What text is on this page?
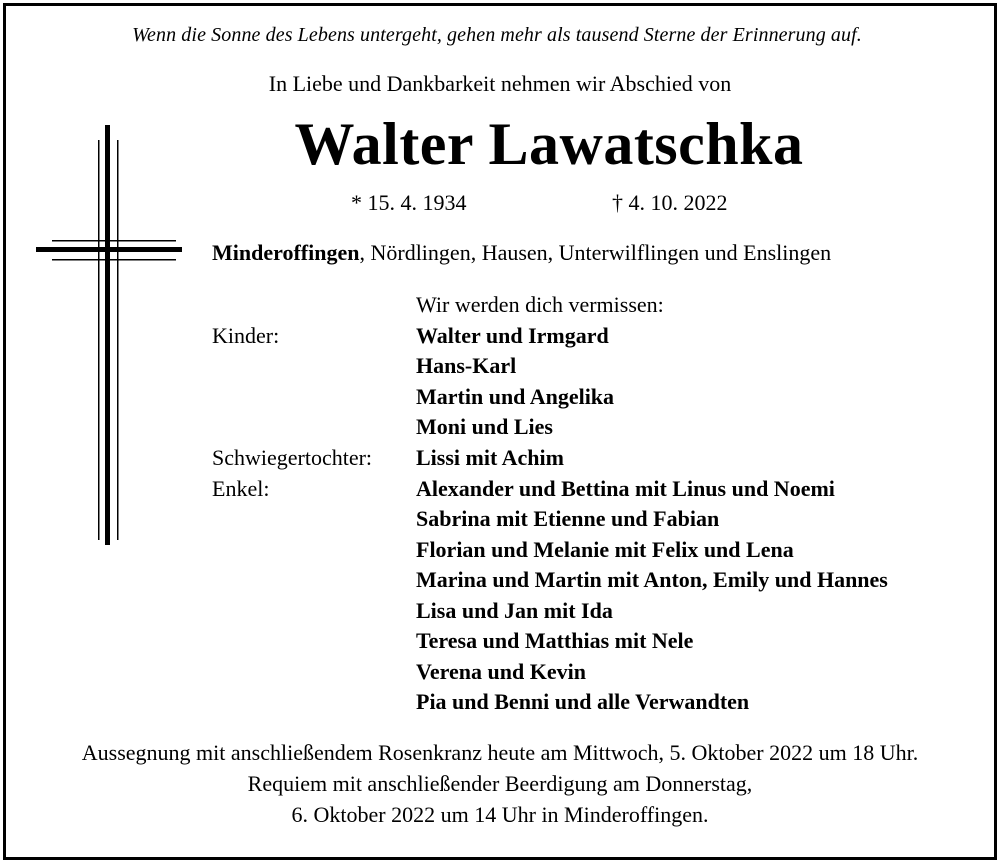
Wenn die Sonne des Lebens untergeht, gehen mehr als tausend Sterne der Erinnerung auf.
In Liebe und Dankbarkeit nehmen wir Abschied von
Walter Lawatschka
* 15. 4. 1934	† 4. 10. 2022
Minderoffingen, Nördlingen, Hausen, Unterwilflingen und Enslingen
Wir werden dich vermissen:
Kinder:	Walter und Irmgard
Hans-Karl
Martin und Angelika
Moni und Lies
Schwiegertochter: Lissi mit Achim
Enkel:	Alexander und Bettina mit Linus und Noemi
Sabrina mit Etienne und Fabian
Florian und Melanie mit Felix und Lena
Marina und Martin mit Anton, Emily und Hannes
Lisa und Jan mit Ida
Teresa und Matthias mit Nele
Verena und Kevin
Pia und Benni und alle Verwandten
Aussegnung mit anschließendem Rosenkranz heute am Mittwoch, 5. Oktober 2022 um 18 Uhr.
Requiem mit anschließender Beerdigung am Donnerstag,
6. Oktober 2022 um 14 Uhr in Minderoffingen.
